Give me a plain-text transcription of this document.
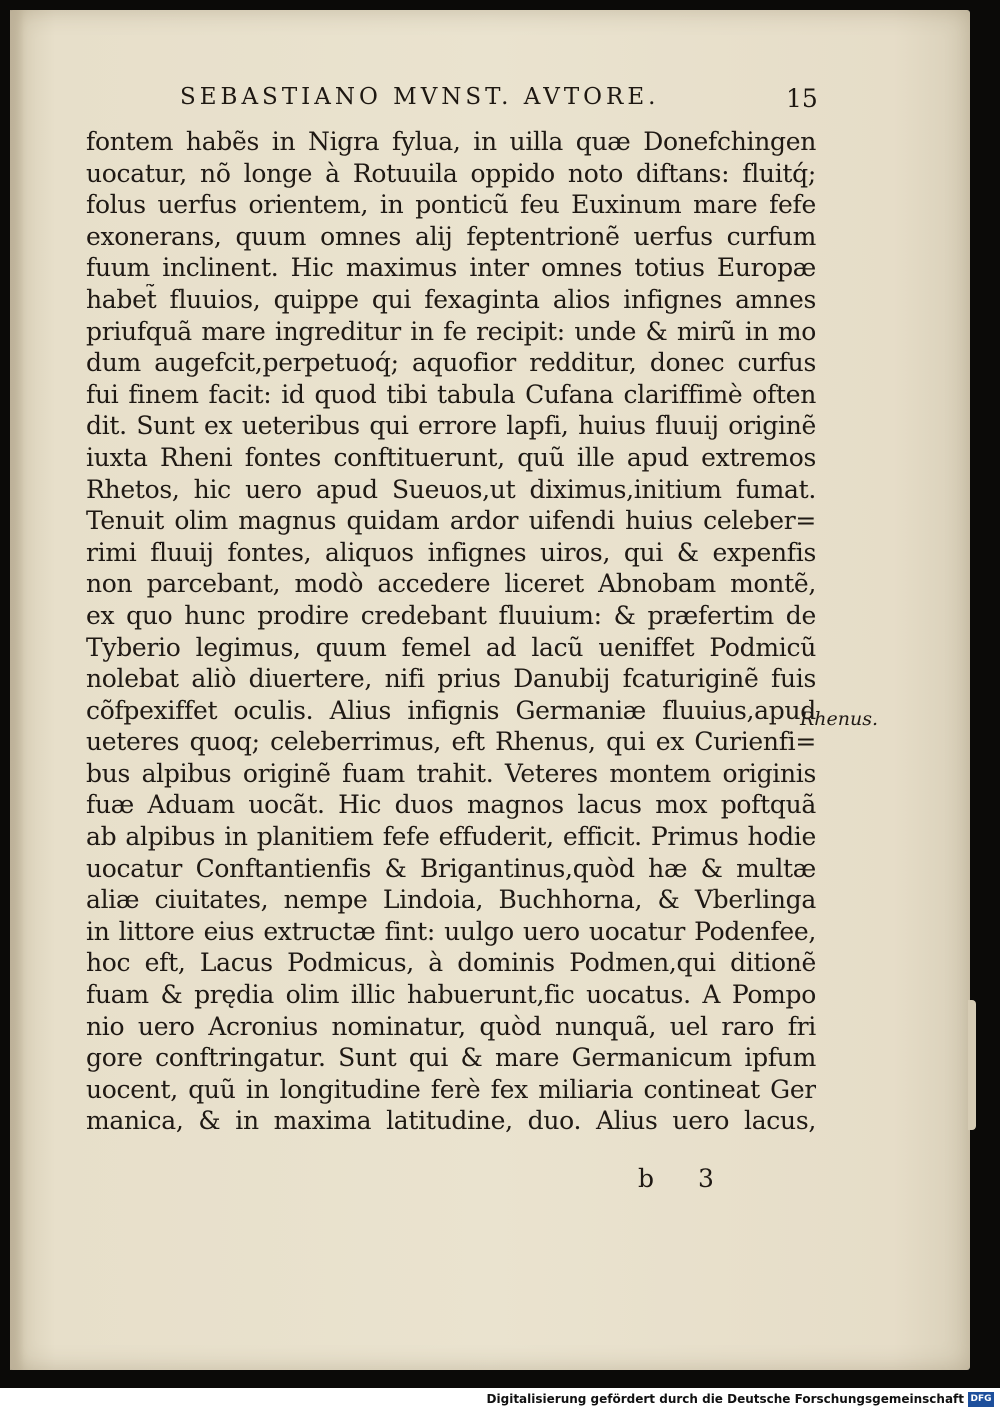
SEBASTIANO MVNST. AVTORE.	15
fontem habẽs in Nigra fylua, in uilla quæ Donefchingen
uocatur, nõ longe à Rotuuila oppido noto diftans: fluitq́;
folus uerfus orientem, in ponticũ feu Euxinum mare fefe
exonerans, quum omnes alij feptentrionẽ uerfus curfum
fuum inclinent. Hic maximus inter omnes totius Europæ
habet̃ fluuios, quippe qui fexaginta alios infignes amnes
priufquã mare ingreditur in fe recipit: unde & mirũ in mo
dum augefcit,perpetuoq́; aquofior redditur, donec curfus
fui finem facit: id quod tibi tabula Cufana clariffimè often
dit. Sunt ex ueteribus qui errore lapfi, huius fluuij originẽ
iuxta Rheni fontes conftituerunt, quũ ille apud extremos
Rhetos, hic uero apud Sueuos,ut diximus,initium fumat.
Tenuit olim magnus quidam ardor uifendi huius celeber=
rimi fluuij fontes, aliquos infignes uiros, qui & expenfis
non parcebant, modò accedere liceret Abnobam montẽ,
ex quo hunc prodire credebant fluuium: & præfertim de
Tyberio legimus, quum femel ad lacũ ueniffet Podmicũ
nolebat aliò diuertere, nifi prius Danubij fcaturiginẽ fuis
cõfpexiffet oculis. Alius infignis Germaniæ fluuius,apud
ueteres quoq; celeberrimus, eft Rhenus, qui ex Curienfi=
bus alpibus originẽ fuam trahit. Veteres montem originis
fuæ Aduam uocãt. Hic duos magnos lacus mox poftquã
ab alpibus in planitiem fefe effuderit, efficit. Primus hodie
uocatur Conftantienfis & Brigantinus,quòd hæ & multæ
aliæ ciuitates, nempe Lindoia, Buchhorna, & Vberlinga
in littore eius extructæ fint: uulgo uero uocatur Podenfee,
hoc eft, Lacus Podmicus, à dominis Podmen,qui ditionẽ
fuam & prędia olim illic habuerunt,fic uocatus. A Pompo
nio uero Acronius nominatur, quòd nunquã, uel raro fri
gore conftringatur. Sunt qui & mare Germanicum ipfum
uocent, quũ in longitudine ferè fex miliaria contineat Ger
manica, & in maxima latitudine, duo. Alius uero lacus,
Rhenus.
b 3
Digitalisierung gefördert durch die Deutsche Forschungsgemeinschaft DFG
